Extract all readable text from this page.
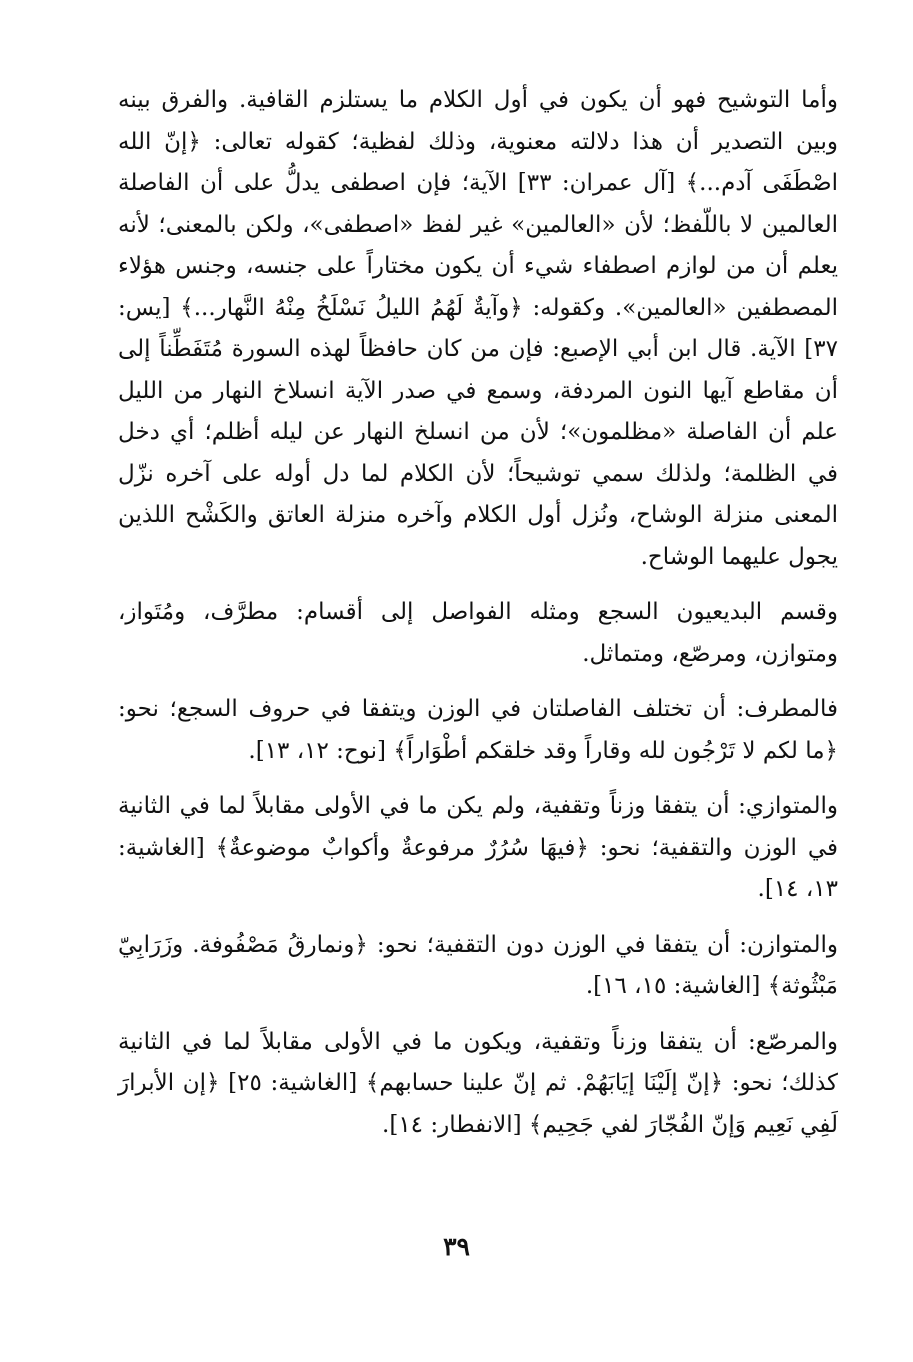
وأما التوشيح فهو أن يكون في أول الكلام ما يستلزم القافية. والفرق بينه وبين التصدير أن هذا دلالته معنوية، وذلك لفظية؛ كقوله تعالى: ﴿إنّ الله اصْطَفَى آدم...﴾ [آل عمران: ٣٣] الآية؛ فإن اصطفى يدلُّ على أن الفاصلة العالمين لا باللّفظ؛ لأن «العالمين» غير لفظ «اصطفى»، ولكن بالمعنى؛ لأنه يعلم أن من لوازم اصطفاء شيء أن يكون مختاراً على جنسه، وجنس هؤلاء المصطفين «العالمين». وكقوله: ﴿وآيةٌ لَهُمُ الليلُ نَسْلَخُ مِنْهُ النَّهار...﴾ [يس: ٣٧] الآية. قال ابن أبي الإصبع: فإن من كان حافظاً لهذه السورة مُتَفَطِّناً إلى أن مقاطع آيها النون المردفة، وسمع في صدر الآية انسلاخ النهار من الليل علم أن الفاصلة «مظلمون»؛ لأن من انسلخ النهار عن ليله أظلم؛ أي دخل في الظلمة؛ ولذلك سمي توشيحاً؛ لأن الكلام لما دل أوله على آخره نزّل المعنى منزلة الوشاح، ونُزل أول الكلام وآخره منزلة العاتق والكَشْح اللذين يجول عليهما الوشاح.

وقسم البديعيون السجع ومثله الفواصل إلى أقسام: مطرَّف، ومُتَواز، ومتوازن، ومرصّع، ومتماثل.

فالمطرف: أن تختلف الفاصلتان في الوزن ويتفقا في حروف السجع؛ نحو: ﴿ما لكم لا تَرْجُون لله وقاراً وقد خلقكم أطْوَاراً﴾ [نوح: ١٢، ١٣].

والمتوازي: أن يتفقا وزناً وتقفية، ولم يكن ما في الأولى مقابلاً لما في الثانية في الوزن والتقفية؛ نحو: ﴿فيهَا سُرُرٌ مرفوعةٌ وأكوابٌ موضوعةٌ﴾ [الغاشية: ١٣، ١٤].

والمتوازن: أن يتفقا في الوزن دون التقفية؛ نحو: ﴿ونمارقُ مَصْفُوفة. وزَرَابِيّ مَبْثُوثة﴾ [الغاشية: ١٥، ١٦].

والمرصّع: أن يتفقا وزناً وتقفية، ويكون ما في الأولى مقابلاً لما في الثانية كذلك؛ نحو: ﴿إنّ إلَيْنَا إيَابَهُمْ. ثم إنّ علينا حسابهم﴾ [الغاشية: ٢٥] ﴿إن الأبرارَ لَفِي نَعِيم وَإنّ الفُجّارَ لفي جَحِيم﴾ [الانفطار: ١٤].

٣٩
